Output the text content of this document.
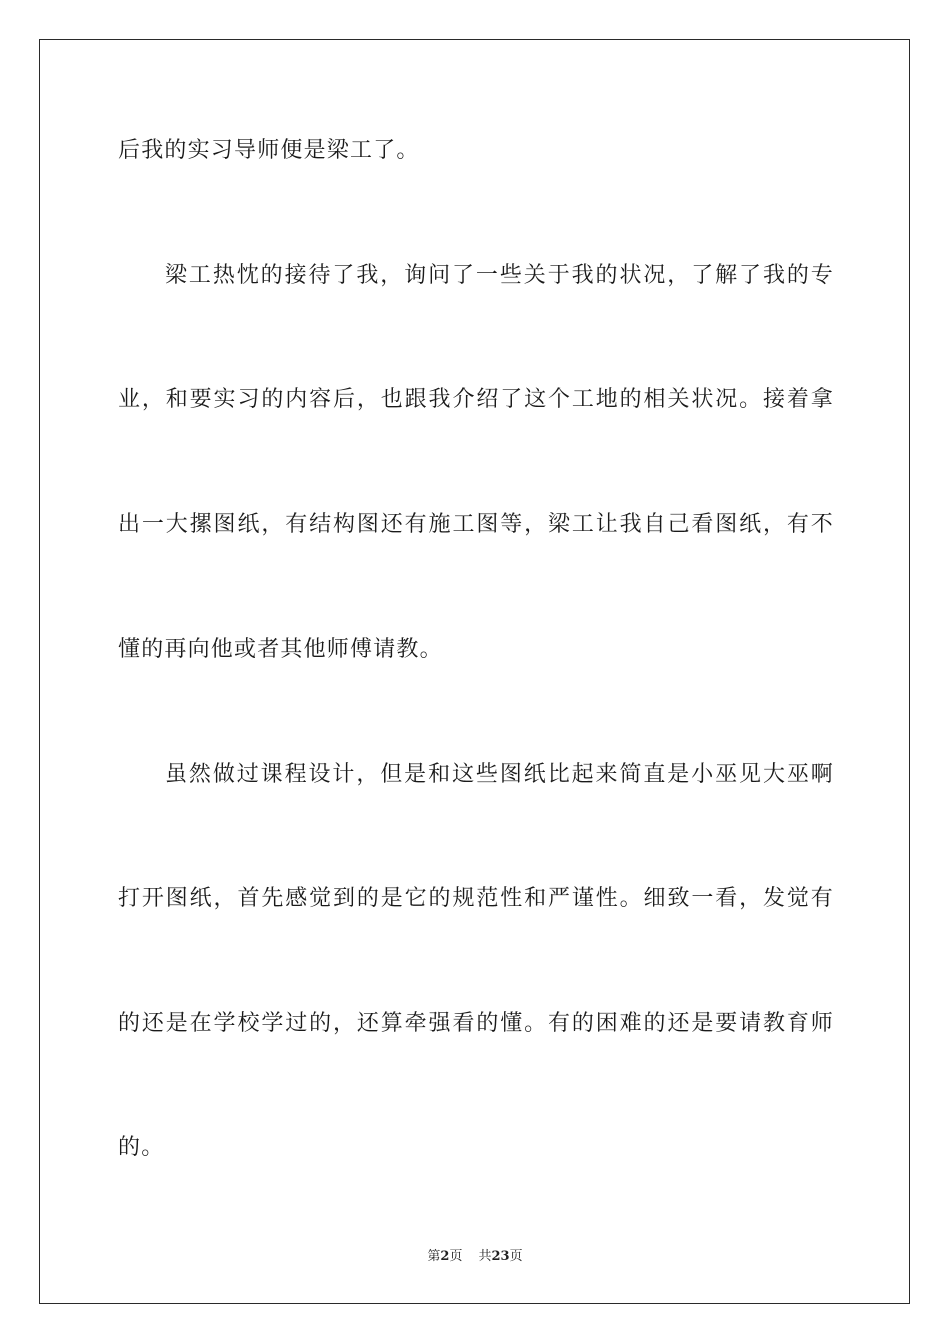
后我的实习导师便是梁工了。
梁工热忱的接待了我，询问了一些关于我的状况，了解了我的专
业，和要实习的内容后，也跟我介绍了这个工地的相关状况。接着拿
出一大摞图纸，有结构图还有施工图等，梁工让我自己看图纸，有不
懂的再向他或者其他师傅请教。
虽然做过课程设计，但是和这些图纸比起来简直是小巫见大巫啊
打开图纸，首先感觉到的是它的规范性和严谨性。细致一看，发觉有
的还是在学校学过的，还算牵强看的懂。有的困难的还是要请教育师
的。
第2页 共23页
